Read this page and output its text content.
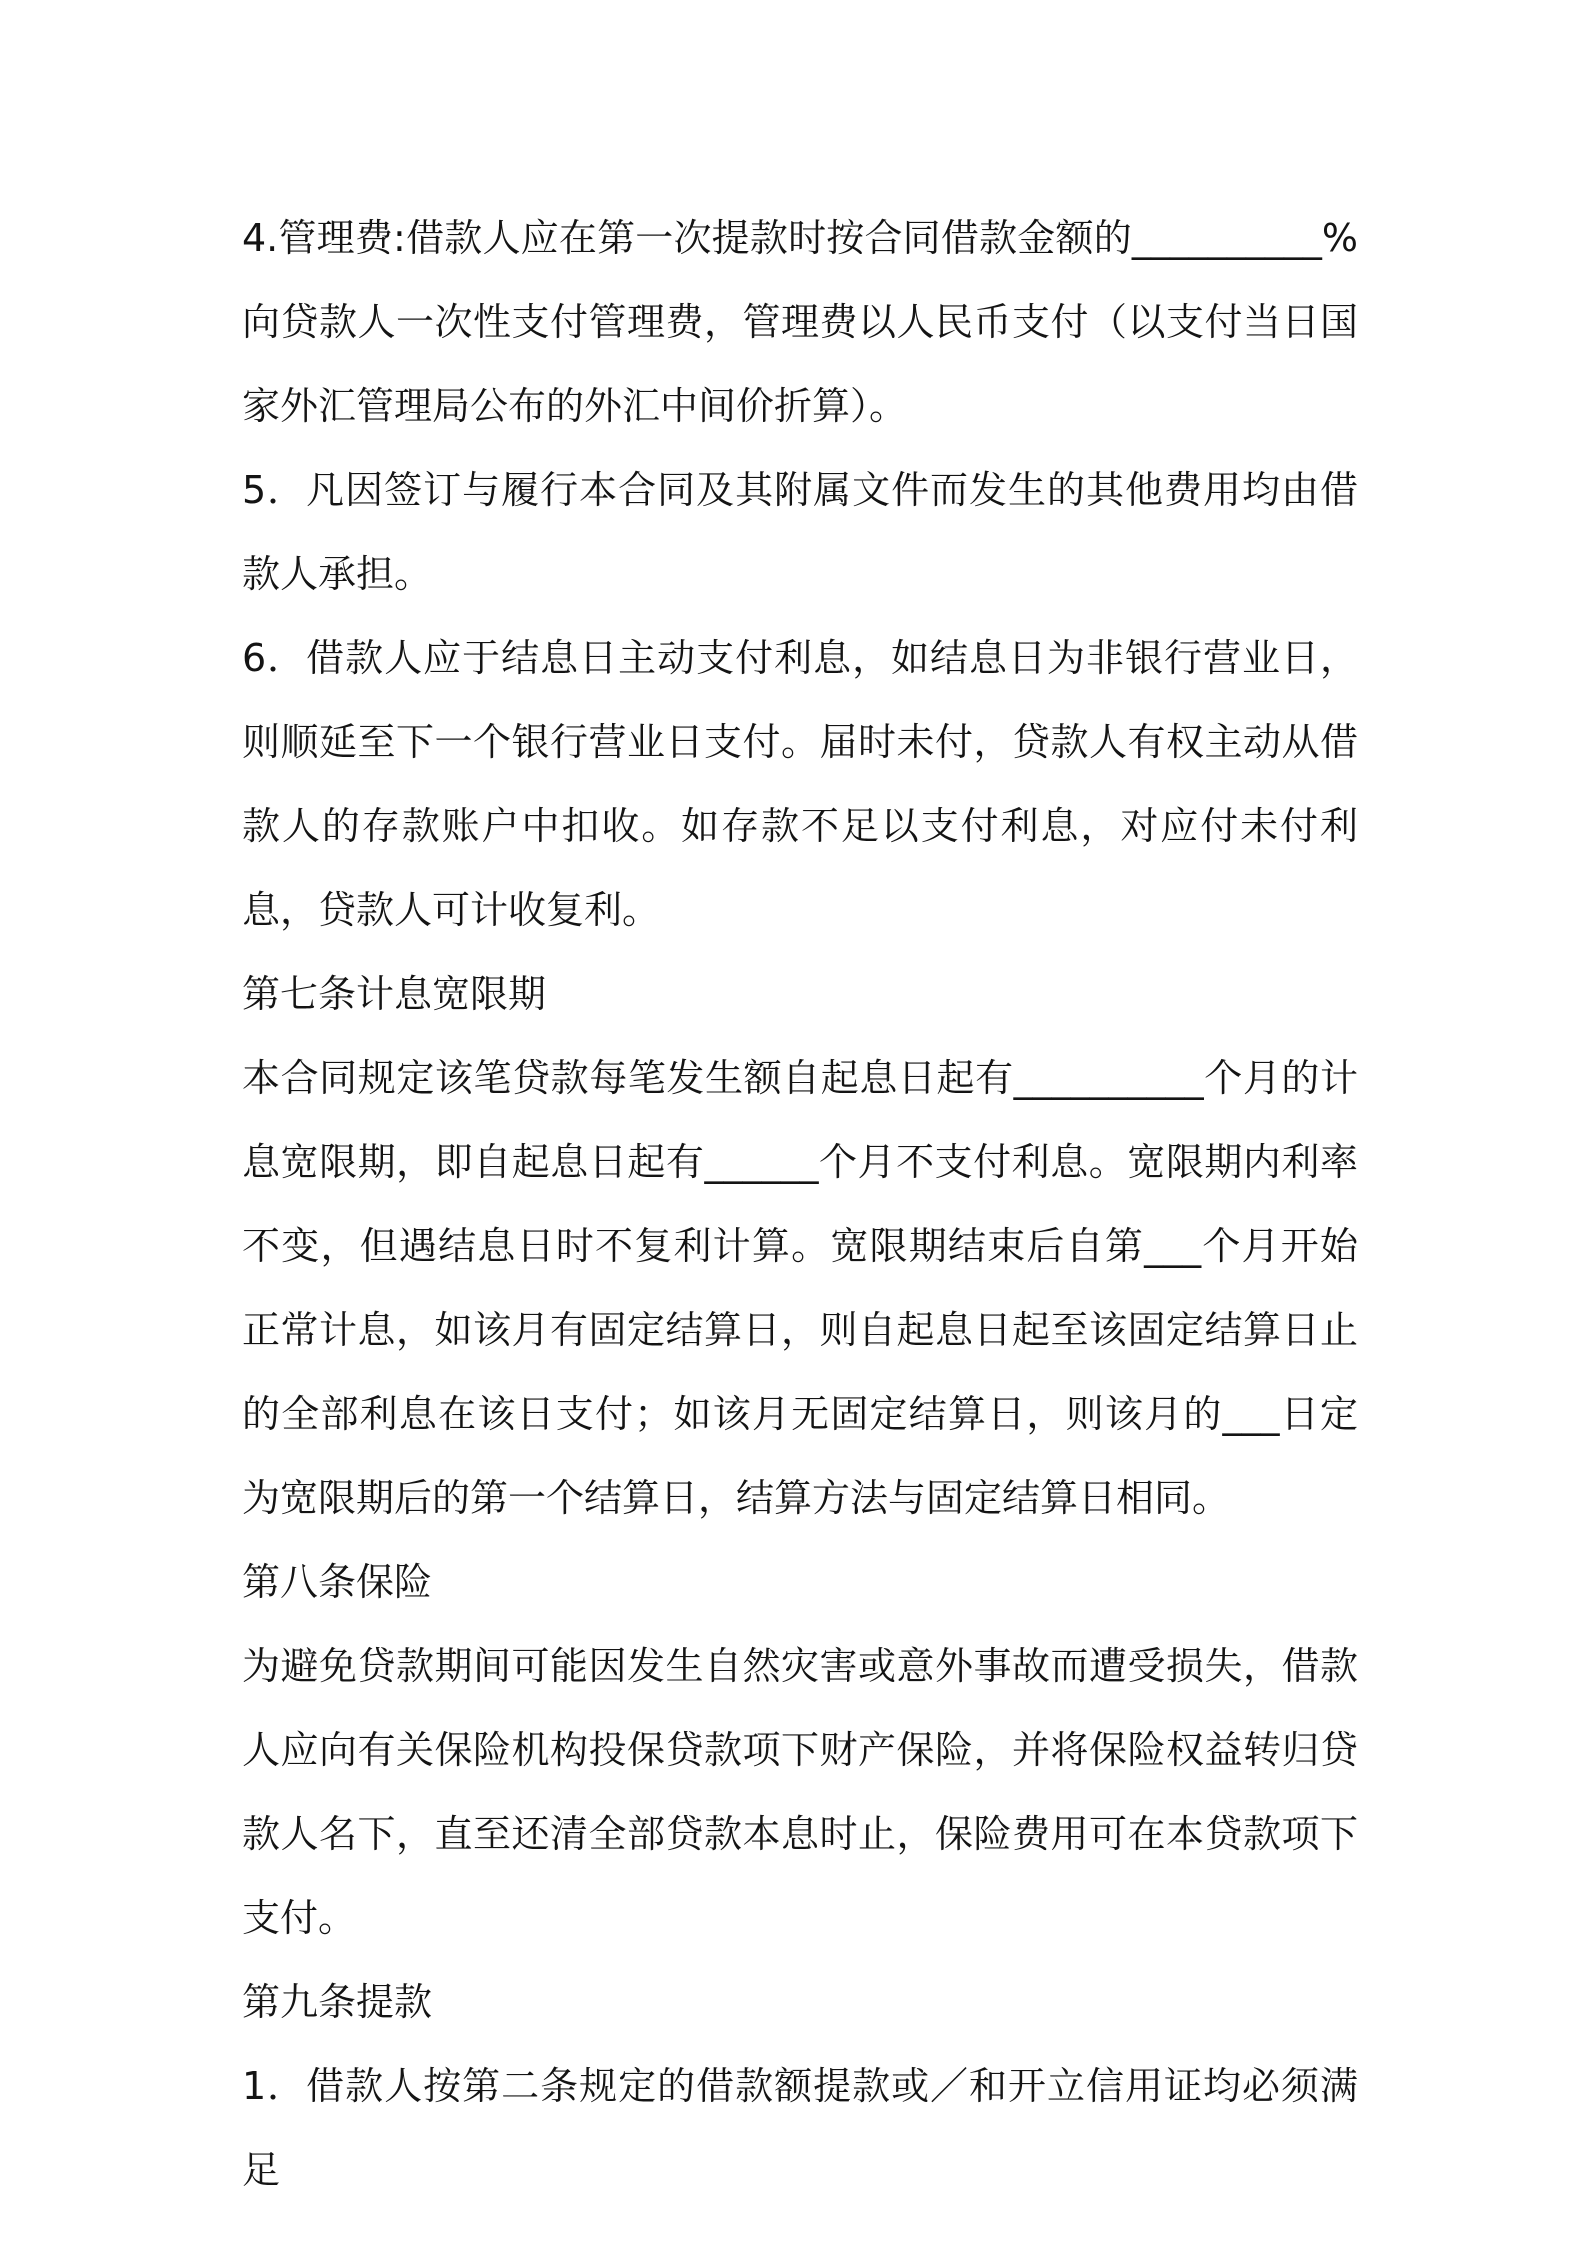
4.管理费:借款人应在第一次提款时按合同借款金额的__________%向贷款人一次性支付管理费，管理费以人民币支付（以支付当日国家外汇管理局公布的外汇中间价折算）。

5．凡因签订与履行本合同及其附属文件而发生的其他费用均由借款人承担。

6．借款人应于结息日主动支付利息，如结息日为非银行营业日，则顺延至下一个银行营业日支付。届时未付，贷款人有权主动从借款人的存款账户中扣收。如存款不足以支付利息，对应付未付利息，贷款人可计收复利。

第七条计息宽限期

本合同规定该笔贷款每笔发生额自起息日起有__________个月的计息宽限期，即自起息日起有______个月不支付利息。宽限期内利率不变，但遇结息日时不复利计算。宽限期结束后自第___个月开始正常计息，如该月有固定结算日，则自起息日起至该固定结算日止的全部利息在该日支付；如该月无固定结算日，则该月的___日定为宽限期后的第一个结算日，结算方法与固定结算日相同。

第八条保险

为避免贷款期间可能因发生自然灾害或意外事故而遭受损失，借款人应向有关保险机构投保贷款项下财产保险，并将保险权益转归贷款人名下，直至还清全部贷款本息时止，保险费用可在本贷款项下支付。

第九条提款

1．借款人按第二条规定的借款额提款或／和开立信用证均必须满足
